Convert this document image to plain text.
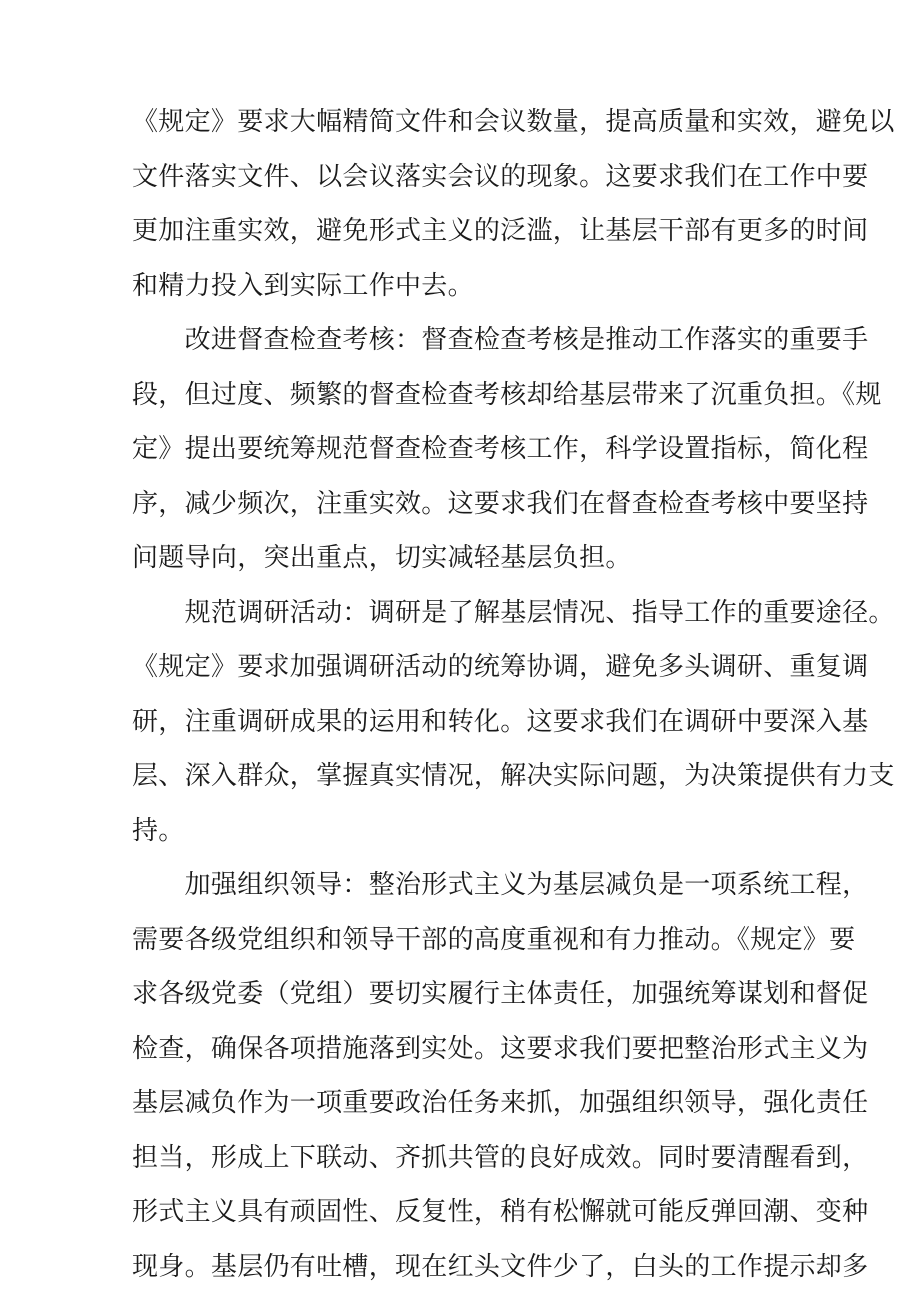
《规定》要求大幅精简文件和会议数量，提高质量和实效，避免以
文件落实文件、以会议落实会议的现象。这要求我们在工作中要
更加注重实效，避免形式主义的泛滥，让基层干部有更多的时间
和精力投入到实际工作中去。
　　改进督查检查考核：督查检查考核是推动工作落实的重要手
段，但过度、频繁的督查检查考核却给基层带来了沉重负担。《规
定》提出要统筹规范督查检查考核工作，科学设置指标，简化程
序，减少频次，注重实效。这要求我们在督查检查考核中要坚持
问题导向，突出重点，切实减轻基层负担。
　　规范调研活动：调研是了解基层情况、指导工作的重要途径。
《规定》要求加强调研活动的统筹协调，避免多头调研、重复调
研，注重调研成果的运用和转化。这要求我们在调研中要深入基
层、深入群众，掌握真实情况，解决实际问题，为决策提供有力支
持。
　　加强组织领导：整治形式主义为基层减负是一项系统工程，
需要各级党组织和领导干部的高度重视和有力推动。《规定》要
求各级党委（党组）要切实履行主体责任，加强统筹谋划和督促
检查，确保各项措施落到实处。这要求我们要把整治形式主义为
基层减负作为一项重要政治任务来抓，加强组织领导，强化责任
担当，形成上下联动、齐抓共管的良好成效。同时要清醒看到，
形式主义具有顽固性、反复性，稍有松懈就可能反弹回潮、变种
现身。基层仍有吐槽，现在红头文件少了，白头的工作提示却多
